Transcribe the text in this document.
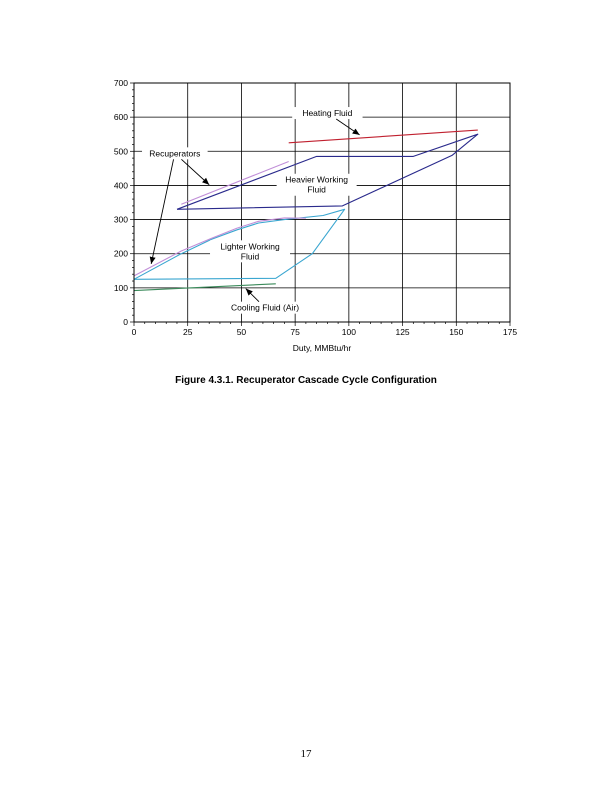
0	25	50	75	100	125	150	175
0
100
200
300
400
500
600
700
Duty, MMBtu/hr
Heating Fluid
Recuperators
Heavier Working
Fluid
Lighter Working
Fluid
Cooling Fluid (Air)
Figure 4.3.1. Recuperator Cascade Cycle Configuration
17
